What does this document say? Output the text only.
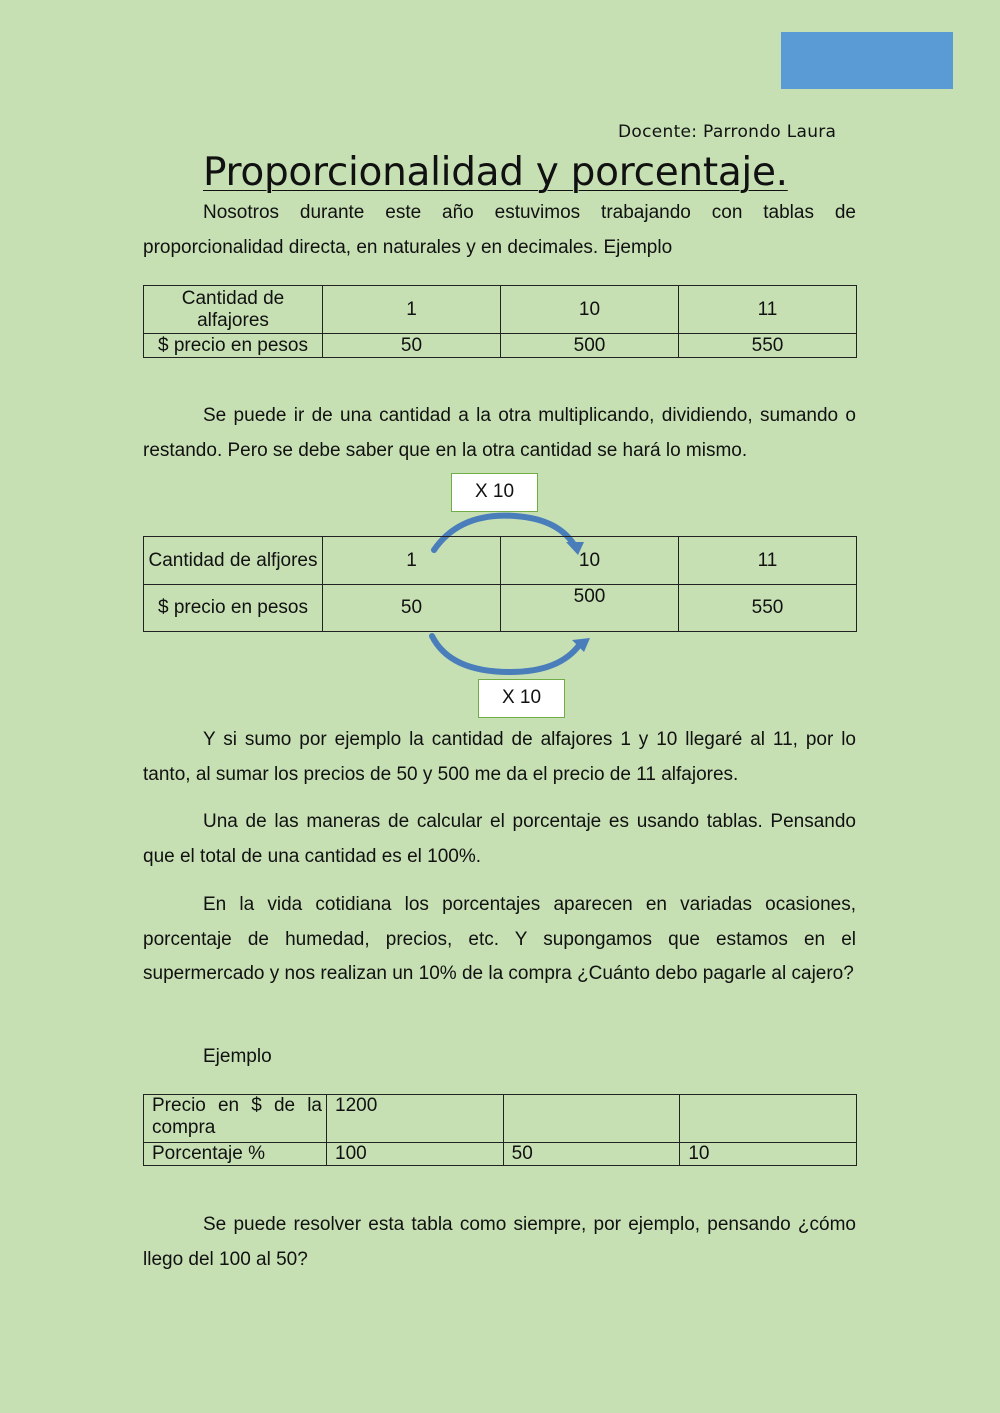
Docente: Parrondo Laura
Proporcionalidad y porcentaje.

Nosotros durante este año estuvimos trabajando con tablas de proporcionalidad directa, en naturales y en decimales. Ejemplo

Cantidad de alfajores	1	10	11
$ precio en pesos	50	500	550

Se puede ir de una cantidad a la otra multiplicando, dividiendo, sumando o restando. Pero se debe saber que en la otra cantidad se hará lo mismo.

X 10
Cantidad de alfjores	1	10	11
$ precio en pesos	50	500	550
X 10

Y si sumo por ejemplo la cantidad de alfajores 1 y 10 llegaré al 11, por lo tanto, al sumar los precios de 50 y 500 me da el precio de 11 alfajores.

Una de las maneras de calcular el porcentaje es usando tablas. Pensando que el total de una cantidad es el 100%.

En la vida cotidiana los porcentajes aparecen en variadas ocasiones, porcentaje de humedad, precios, etc. Y supongamos que estamos en el supermercado y nos realizan un 10% de la compra ¿Cuánto debo pagarle al cajero?

Ejemplo

Precio en $ de la compra	1200		
Porcentaje %	100	50	10

Se puede resolver esta tabla como siempre, por ejemplo, pensando ¿cómo llego del 100 al 50?
